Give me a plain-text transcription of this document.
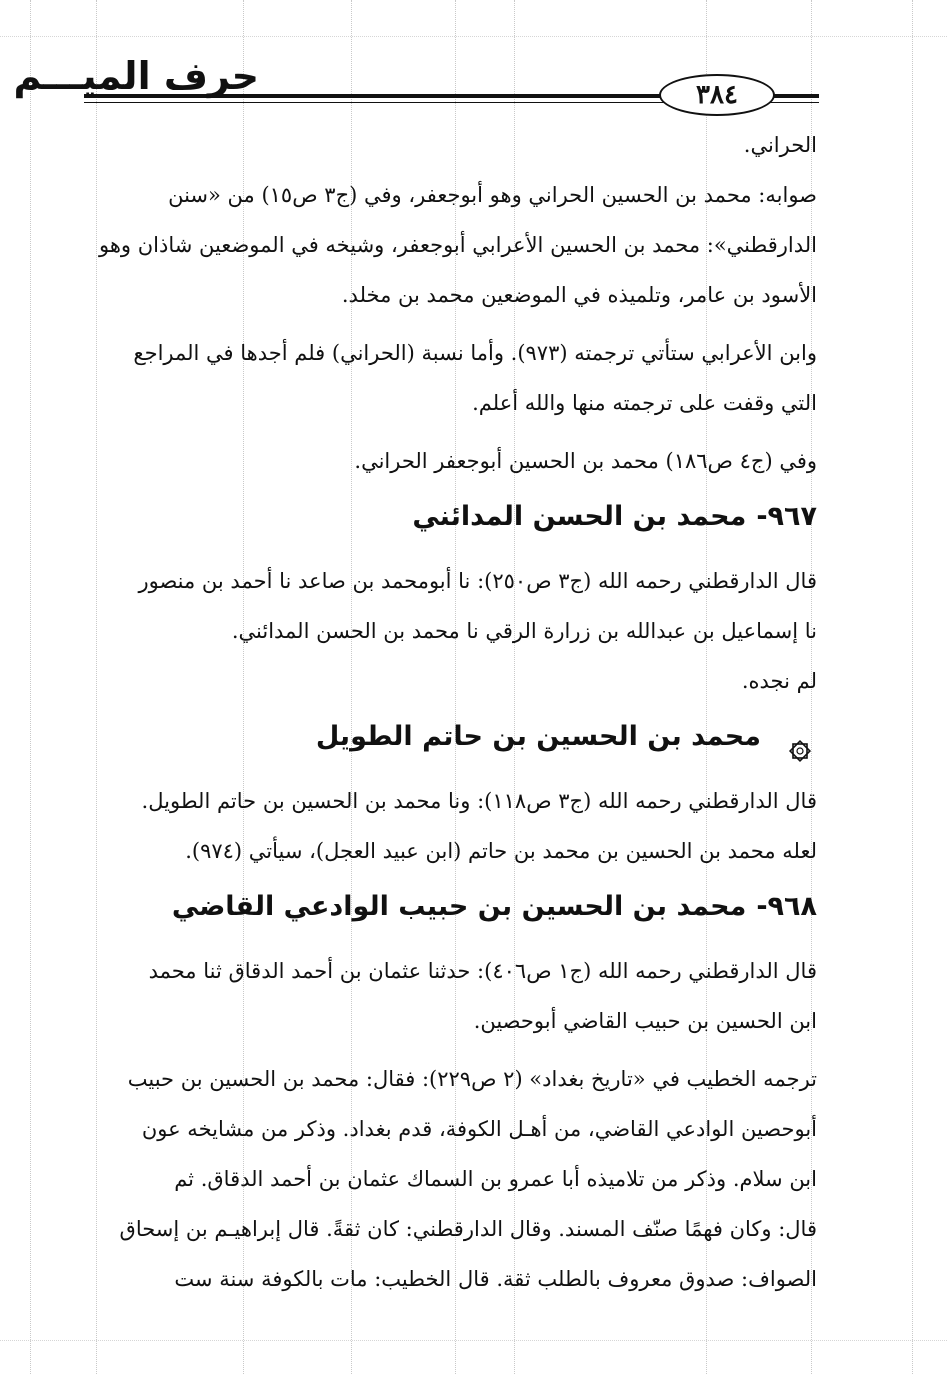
٣٨٤
حرف الميـــم
الحراني.
صوابه: محمد بن الحسين الحراني وهو أبوجعفر، وفي (ج٣ ص١٥) من «سنن
الدارقطني»: محمد بن الحسين الأعرابي أبوجعفر، وشيخه في الموضعين شاذان وهو
الأسود بن عامر، وتلميذه في الموضعين محمد بن مخلد.
وابن الأعرابي ستأتي ترجمته (٩٧٣). وأما نسبة (الحراني) فلم أجدها في المراجع
التي وقفت على ترجمته منها والله أعلم.
وفي (ج٤ ص١٨٦) محمد بن الحسين أبوجعفر الحراني.
٩٦٧-محمد بن الحسن المدائني
قال الدارقطني رحمه الله (ج٣ ص٢٥٠): نا أبومحمد بن صاعد نا أحمد بن منصور
نا إسماعيل بن عبدالله بن زرارة الرقي نا محمد بن الحسن المدائني.
لم نجده.
محمد بن الحسين بن حاتم الطويل
قال الدارقطني رحمه الله (ج٣ ص١١٨): ونا محمد بن الحسين بن حاتم الطويل.
لعله محمد بن الحسين بن محمد بن حاتم (ابن عبيد العجل)، سيأتي (٩٧٤).
٩٦٨-محمد بن الحسين بن حبيب الوادعي القاضي
قال الدارقطني رحمه الله (ج١ ص٤٠٦): حدثنا عثمان بن أحمد الدقاق ثنا محمد
ابن الحسين بن حبيب القاضي أبوحصين.
ترجمه الخطيب في «تاريخ بغداد» (٢ ص٢٢٩): فقال: محمد بن الحسين بن حبيب
أبوحصين الوادعي القاضي، من أهـل الكوفة، قدم بغداد. وذكر من مشايخه عون
ابن سلام. وذكر من تلاميذه أبا عمرو بن السماك عثمان بن أحمد الدقاق. ثم
قال: وكان فهمًا صنّف المسند. وقال الدارقطني: كان ثقةً. قال إبراهيـم بن إسحاق
الصواف: صدوق معروف بالطلب ثقة. قال الخطيب: مات بالكوفة سنة ست
